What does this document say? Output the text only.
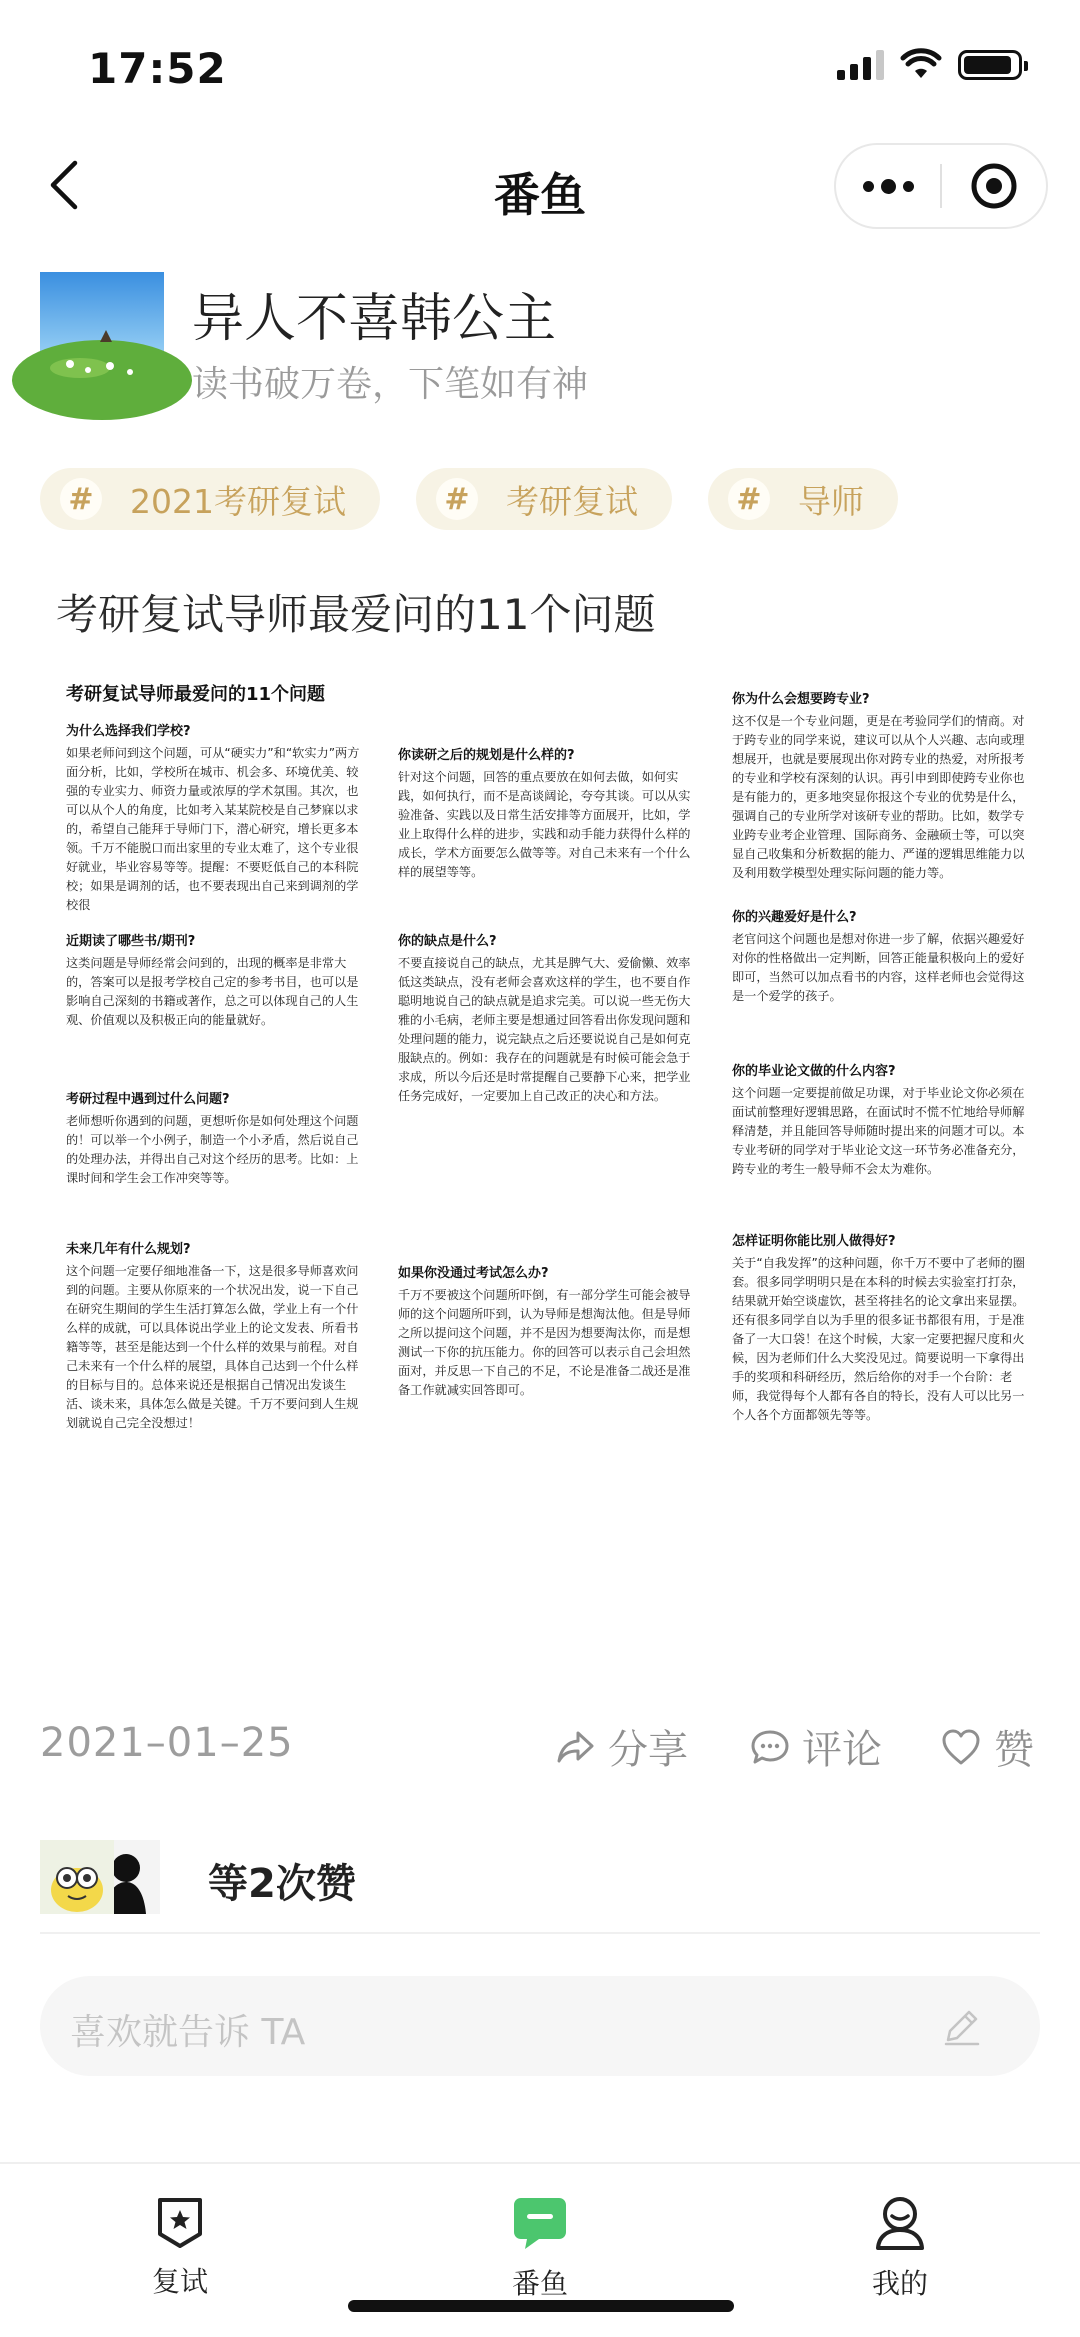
17:52
番鱼
异人不喜韩公主
读书破万卷，下笔如有神
# 2021考研复试	# 考研复试	# 导师
考研复试导师最爱问的11个问题
考研复试导师最爱问的11个问题
为什么选择我们学校?
如果老师问到这个问题，可从“硬实力”和“软实力”两方面分析，比如，学校所在城市、机会多、环境优美、较强的专业实力、师资力量或浓厚的学术氛围。其次，也可以从个人的角度，比如考入某某院校是自己梦寐以求的，希望自己能拜于导师门下，潜心研究，增长更多本领。千万不能脱口而出家里的专业太难了，这个专业很好就业，毕业容易等等。提醒：不要贬低自己的本科院校；如果是调剂的话，也不要表现出自己来到调剂的学校很
近期读了哪些书/期刊?
这类问题是导师经常会问到的，出现的概率是非常大的，答案可以是报考学校自己定的参考书目，也可以是影响自己深刻的书籍或著作，总之可以体现自己的人生观、价值观以及积极正向的能量就好。
考研过程中遇到过什么问题?
老师想听你遇到的问题，更想听你是如何处理这个问题的！可以举一个小例子，制造一个小矛盾，然后说自己的处理办法，并得出自己对这个经历的思考。比如：上课时间和学生会工作冲突等等。
未来几年有什么规划?
这个问题一定要仔细地准备一下，这是很多导师喜欢问到的问题。主要从你原来的一个状况出发，说一下自己在研究生期间的学生生活打算怎么做，学业上有一个什么样的成就，可以具体说出学业上的论文发表、所看书籍等等，甚至是能达到一个什么样的效果与前程。对自己未来有一个什么样的展望，具体自己达到一个什么样的目标与目的。总体来说还是根据自己情况出发谈生活、谈未来，具体怎么做是关键。千万不要问到人生规划就说自己完全没想过！
你读研之后的规划是什么样的?
针对这个问题，回答的重点要放在如何去做，如何实践，如何执行，而不是高谈阔论，夸夸其谈。可以从实验准备、实践以及日常生活安排等方面展开，比如，学业上取得什么样的进步，实践和动手能力获得什么样的成长，学术方面要怎么做等等。对自己未来有一个什么样的展望等等。
你的缺点是什么?
不要直接说自己的缺点，尤其是脾气大、爱偷懒、效率低这类缺点，没有老师会喜欢这样的学生，也不要自作聪明地说自己的缺点就是追求完美。可以说一些无伤大雅的小毛病，老师主要是想通过回答看出你发现问题和处理问题的能力，说完缺点之后还要说说自己是如何克服缺点的。例如：我存在的问题就是有时候可能会急于求成，所以今后还是时常提醒自己要静下心来，把学业任务完成好，一定要加上自己改正的决心和方法。
如果你没通过考试怎么办?
千万不要被这个问题所吓倒，有一部分学生可能会被导师的这个问题所吓到，认为导师是想淘汰他。但是导师之所以提问这个问题，并不是因为想要淘汰你，而是想测试一下你的抗压能力。你的回答可以表示自己会坦然面对，并反思一下自己的不足，不论是准备二战还是准备工作就减实回答即可。
你为什么会想要跨专业?
这不仅是一个专业问题，更是在考验同学们的情商。对于跨专业的同学来说，建议可以从个人兴趣、志向或理想展开，也就是要展现出你对跨专业的热爱，对所报考的专业和学校有深刻的认识。再引申到即使跨专业你也是有能力的，更多地突显你报这个专业的优势是什么，强调自己的专业所学对该研专业的帮助。比如，数学专业跨专业考企业管理、国际商务、金融硕士等，可以突显自己收集和分析数据的能力、严谨的逻辑思维能力以及利用数学模型处理实际问题的能力等。
你的兴趣爱好是什么?
老官问这个问题也是想对你进一步了解，依据兴趣爱好对你的性格做出一定判断，回答正能量积极向上的爱好即可，当然可以加点看书的内容，这样老师也会觉得这是一个爱学的孩子。
你的毕业论文做的什么内容?
这个问题一定要提前做足功课，对于毕业论文你必须在面试前整理好逻辑思路，在面试时不慌不忙地给导师解释清楚，并且能回答导师随时提出来的问题才可以。本专业考研的同学对于毕业论文这一环节务必准备充分，跨专业的考生一般导师不会太为难你。
怎样证明你能比别人做得好?
关于“自我发挥”的这种问题，你千万不要中了老师的圈套。很多同学明明只是在本科的时候去实验室打打杂，结果就开始空谈虚饮，甚至将挂名的论文拿出来显摆。还有很多同学自以为手里的很多证书都很有用，于是准备了一大口袋！在这个时候，大家一定要把握尺度和火候，因为老师们什么大奖没见过。简要说明一下拿得出手的奖项和科研经历，然后给你的对手一个台阶：老师，我觉得每个人都有各自的特长，没有人可以比另一个人各个方面都领先等等。
2021–01–25	分享	评论	赞
等2次赞
喜欢就告诉 TA
复试	番鱼	我的
